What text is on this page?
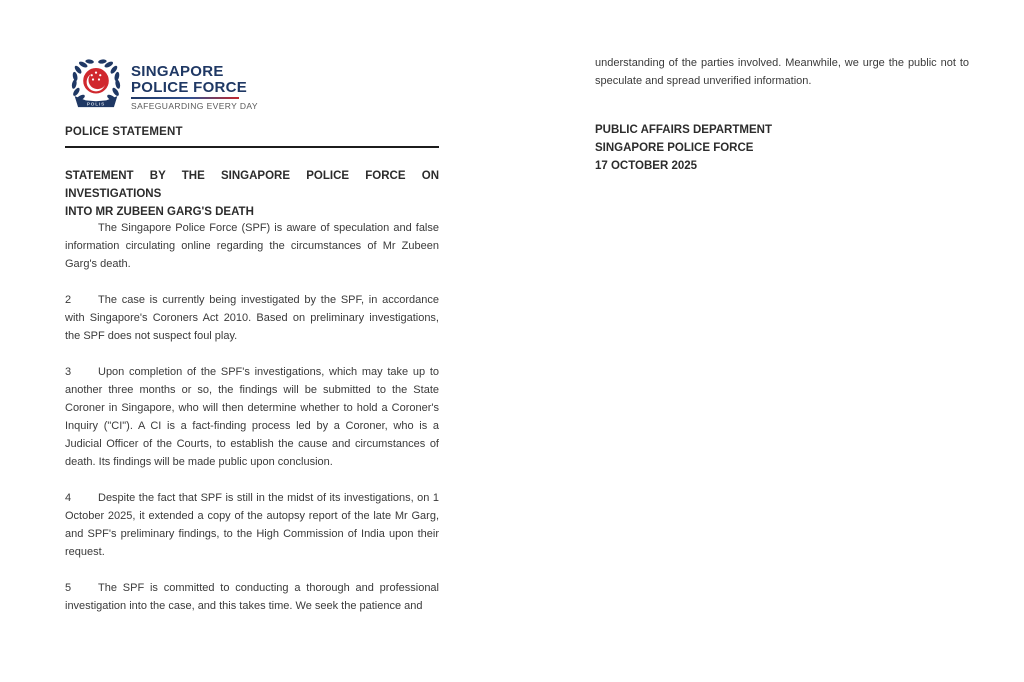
POLIS
SINGAPORE
POLICE FORCE
SAFEGUARDING EVERY DAY
POLICE STATEMENT
STATEMENT BY THE SINGAPORE POLICE FORCE ON INVESTIGATIONS
INTO MR ZUBEEN GARG'S DEATH

The Singapore Police Force (SPF) is aware of speculation and false information circulating online regarding the circumstances of Mr Zubeen Garg's death.

2 The case is currently being investigated by the SPF, in accordance with Singapore's Coroners Act 2010. Based on preliminary investigations, the SPF does not suspect foul play.

3 Upon completion of the SPF's investigations, which may take up to another three months or so, the findings will be submitted to the State Coroner in Singapore, who will then determine whether to hold a Coroner's Inquiry ("CI"). A CI is a fact-finding process led by a Coroner, who is a Judicial Officer of the Courts, to establish the cause and circumstances of death. Its findings will be made public upon conclusion.

4 Despite the fact that SPF is still in the midst of its investigations, on 1 October 2025, it extended a copy of the autopsy report of the late Mr Garg, and SPF's preliminary findings, to the High Commission of India upon their request.

5 The SPF is committed to conducting a thorough and professional investigation into the case, and this takes time. We seek the patience and

understanding of the parties involved. Meanwhile, we urge the public not to speculate and spread unverified information.
PUBLIC AFFAIRS DEPARTMENT
SINGAPORE POLICE FORCE
17 OCTOBER 2025
